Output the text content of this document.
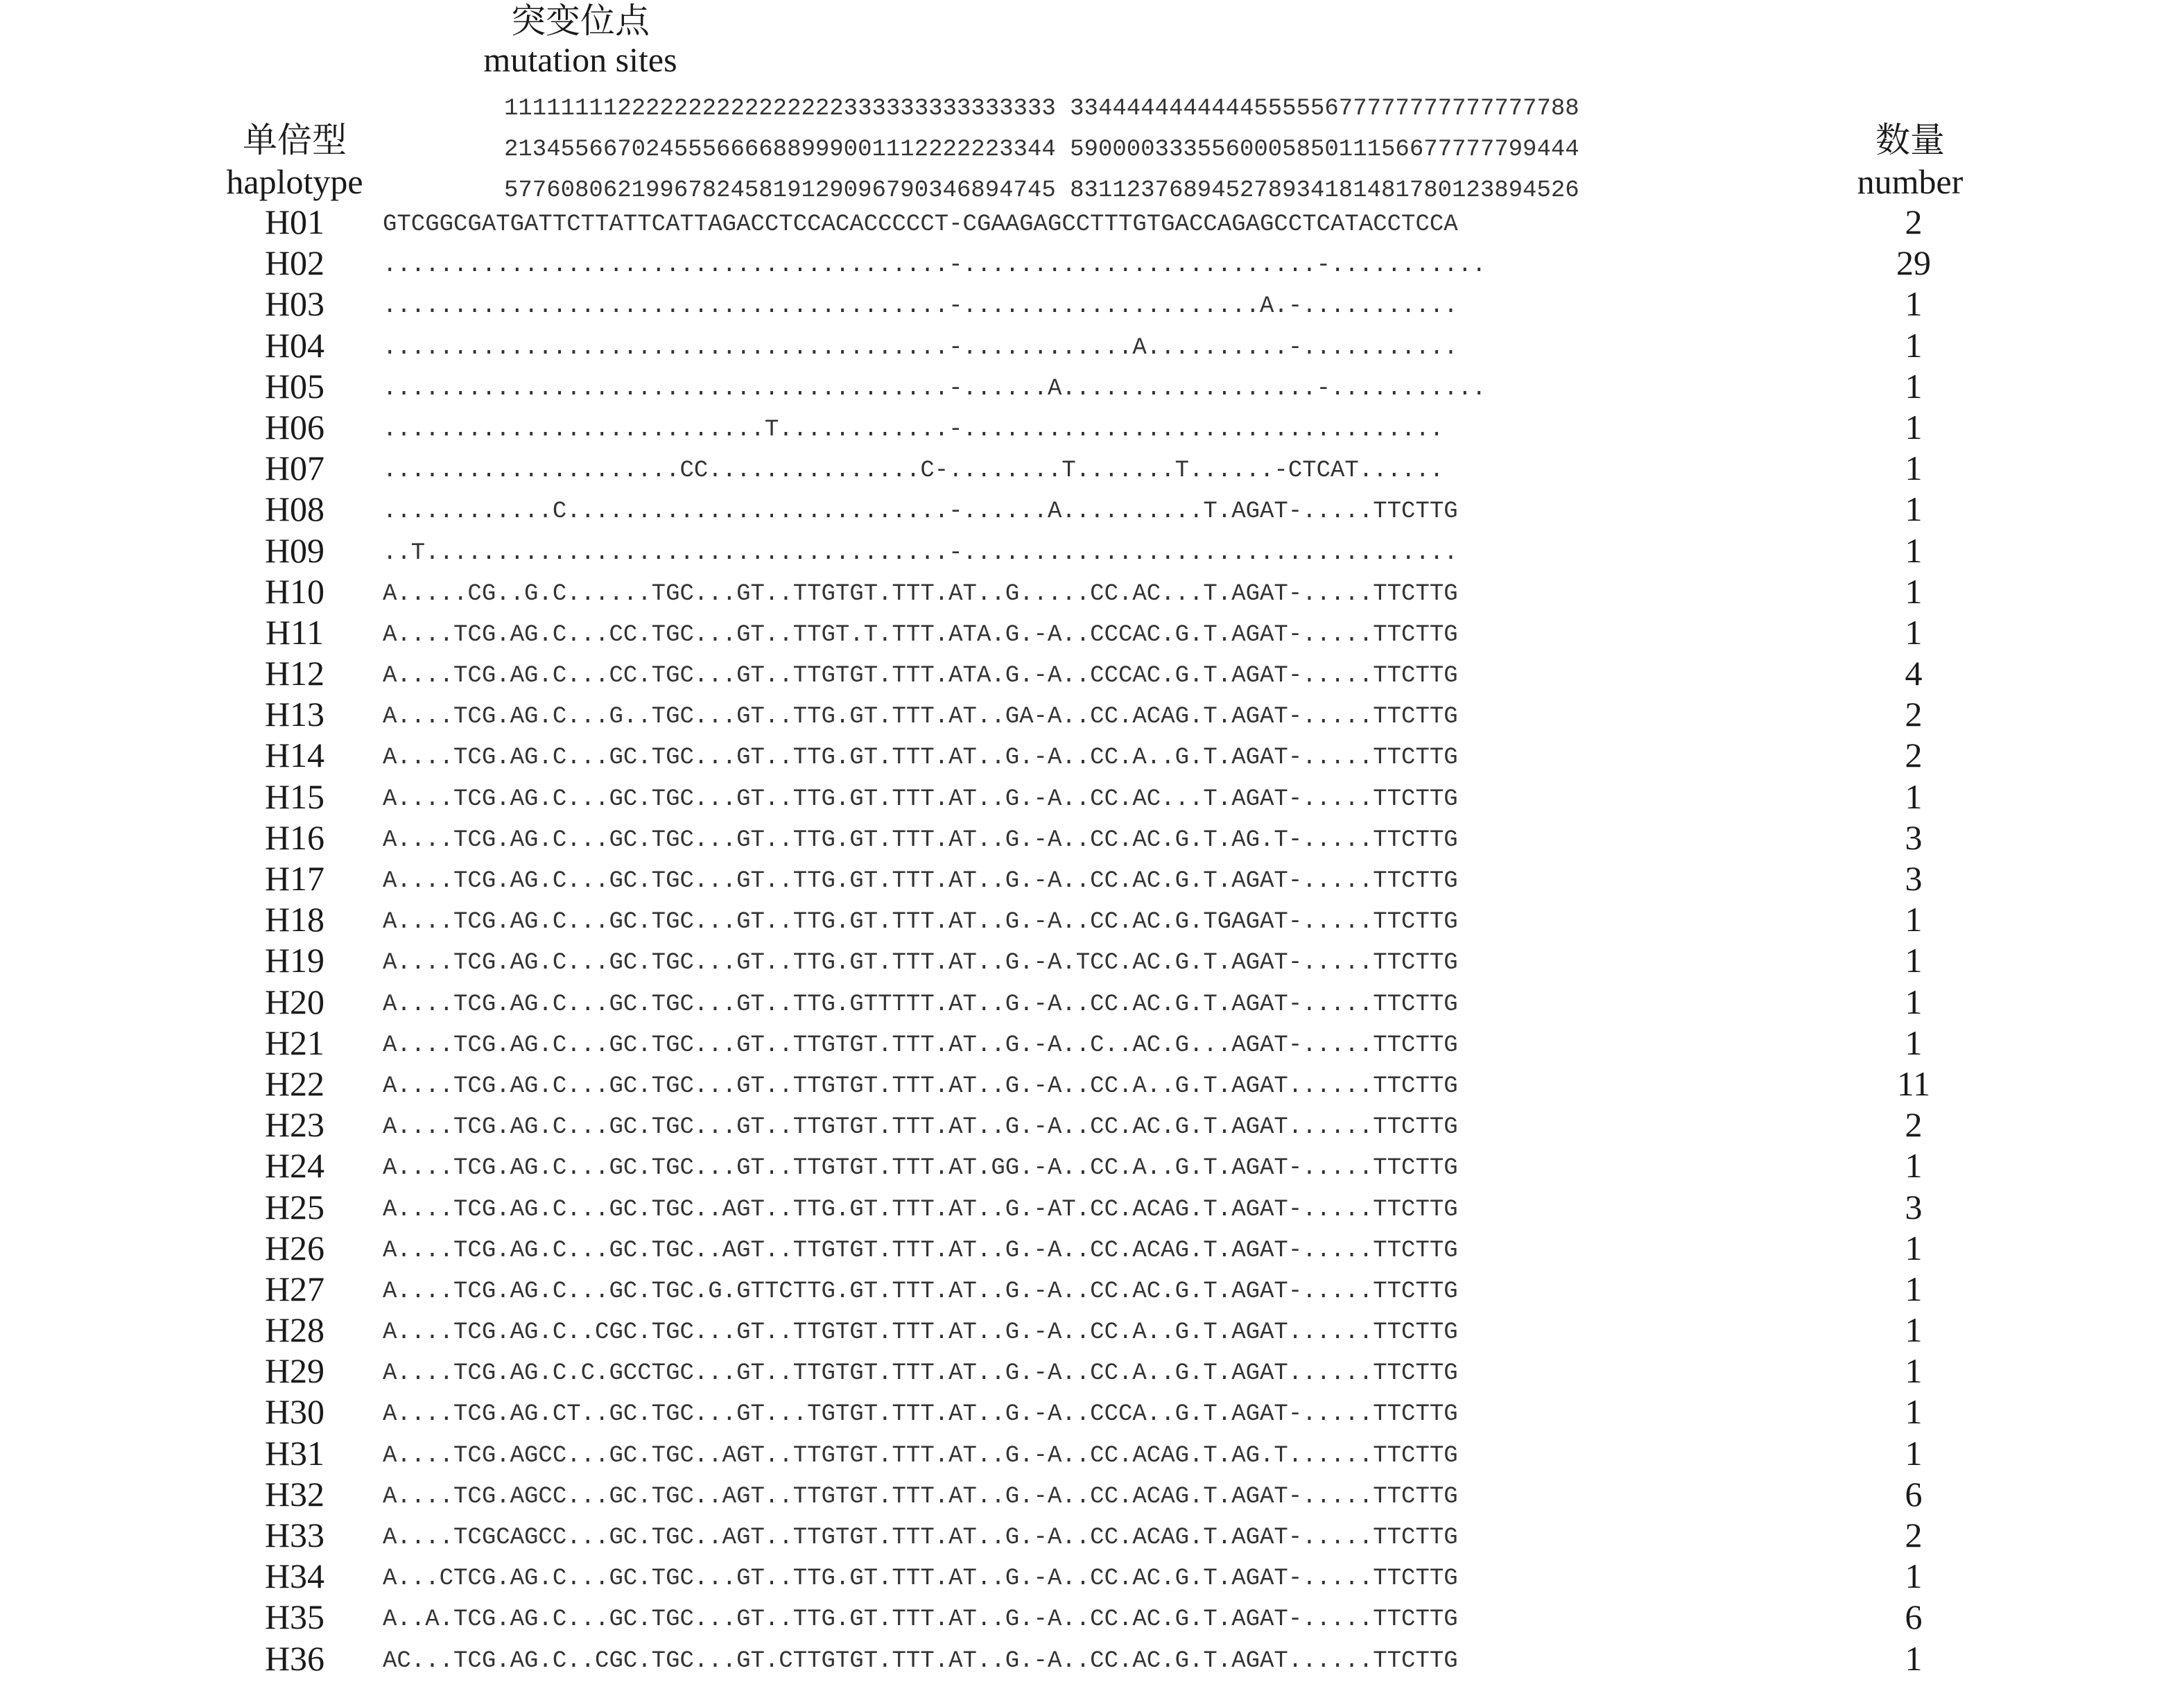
突变位点
mutation sites
单倍型
haplotype
111111112222222222222222333333333333333 334444444444455555677777777777777788
213455667024555666688999001112222223344 590000333556000585011156677777799444
577608062199678245819129096790346894745 831123768945278934181481780123894526
数量
number
H01	GTCGGCGATGATTCTTATTCATTAGACCTCCACACCCCCT-CGAAGAGCCTTTGTGACCAGAGCCTCATACCTCCA	2
H02	........................................-.........................-...........	29
H03	........................................-.....................A.-...........	1
H04	........................................-............A..........-...........	1
H05	........................................-......A..................-...........	1
H06	...........................T............-..................................	1
H07	.....................CC...............C-........T.......T......-CTCAT......	1
H08	............C...........................-......A..........T.AGAT-.....TTCTTG	1
H09	..T.....................................-...................................	1
H10	A.....CG..G.C......TGC...GT..TTGTGT.TTT.AT..G.....CC.AC...T.AGAT-.....TTCTTG	1
H11	A....TCG.AG.C...CC.TGC...GT..TTGT.T.TTT.ATA.G.-A..CCCAC.G.T.AGAT-.....TTCTTG	1
H12	A....TCG.AG.C...CC.TGC...GT..TTGTGT.TTT.ATA.G.-A..CCCAC.G.T.AGAT-.....TTCTTG	4
H13	A....TCG.AG.C...G..TGC...GT..TTG.GT.TTT.AT..GA-A..CC.ACAG.T.AGAT-.....TTCTTG	2
H14	A....TCG.AG.C...GC.TGC...GT..TTG.GT.TTT.AT..G.-A..CC.A..G.T.AGAT-.....TTCTTG	2
H15	A....TCG.AG.C...GC.TGC...GT..TTG.GT.TTT.AT..G.-A..CC.AC...T.AGAT-.....TTCTTG	1
H16	A....TCG.AG.C...GC.TGC...GT..TTG.GT.TTT.AT..G.-A..CC.AC.G.T.AG.T-.....TTCTTG	3
H17	A....TCG.AG.C...GC.TGC...GT..TTG.GT.TTT.AT..G.-A..CC.AC.G.T.AGAT-.....TTCTTG	3
H18	A....TCG.AG.C...GC.TGC...GT..TTG.GT.TTT.AT..G.-A..CC.AC.G.TGAGAT-.....TTCTTG	1
H19	A....TCG.AG.C...GC.TGC...GT..TTG.GT.TTT.AT..G.-A.TCC.AC.G.T.AGAT-.....TTCTTG	1
H20	A....TCG.AG.C...GC.TGC...GT..TTG.GTTTTT.AT..G.-A..CC.AC.G.T.AGAT-.....TTCTTG	1
H21	A....TCG.AG.C...GC.TGC...GT..TTGTGT.TTT.AT..G.-A..C..AC.G...AGAT-.....TTCTTG	1
H22	A....TCG.AG.C...GC.TGC...GT..TTGTGT.TTT.AT..G.-A..CC.A..G.T.AGAT......TTCTTG	11
H23	A....TCG.AG.C...GC.TGC...GT..TTGTGT.TTT.AT..G.-A..CC.AC.G.T.AGAT......TTCTTG	2
H24	A....TCG.AG.C...GC.TGC...GT..TTGTGT.TTT.AT.GG.-A..CC.A..G.T.AGAT-.....TTCTTG	1
H25	A....TCG.AG.C...GC.TGC..AGT..TTG.GT.TTT.AT..G.-AT.CC.ACAG.T.AGAT-.....TTCTTG	3
H26	A....TCG.AG.C...GC.TGC..AGT..TTGTGT.TTT.AT..G.-A..CC.ACAG.T.AGAT-.....TTCTTG	1
H27	A....TCG.AG.C...GC.TGC.G.GTTCTTG.GT.TTT.AT..G.-A..CC.AC.G.T.AGAT-.....TTCTTG	1
H28	A....TCG.AG.C..CGC.TGC...GT..TTGTGT.TTT.AT..G.-A..CC.A..G.T.AGAT......TTCTTG	1
H29	A....TCG.AG.C.C.GCCTGC...GT..TTGTGT.TTT.AT..G.-A..CC.A..G.T.AGAT......TTCTTG	1
H30	A....TCG.AG.CT..GC.TGC...GT...TGTGT.TTT.AT..G.-A..CCCA..G.T.AGAT-.....TTCTTG	1
H31	A....TCG.AGCC...GC.TGC..AGT..TTGTGT.TTT.AT..G.-A..CC.ACAG.T.AG.T......TTCTTG	1
H32	A....TCG.AGCC...GC.TGC..AGT..TTGTGT.TTT.AT..G.-A..CC.ACAG.T.AGAT-.....TTCTTG	6
H33	A....TCGCAGCC...GC.TGC..AGT..TTGTGT.TTT.AT..G.-A..CC.ACAG.T.AGAT-.....TTCTTG	2
H34	A...CTCG.AG.C...GC.TGC...GT..TTG.GT.TTT.AT..G.-A..CC.AC.G.T.AGAT-.....TTCTTG	1
H35	A..A.TCG.AG.C...GC.TGC...GT..TTG.GT.TTT.AT..G.-A..CC.AC.G.T.AGAT-.....TTCTTG	6
H36	AC...TCG.AG.C..CGC.TGC...GT.CTTGTGT.TTT.AT..G.-A..CC.AC.G.T.AGAT......TTCTTG	1
